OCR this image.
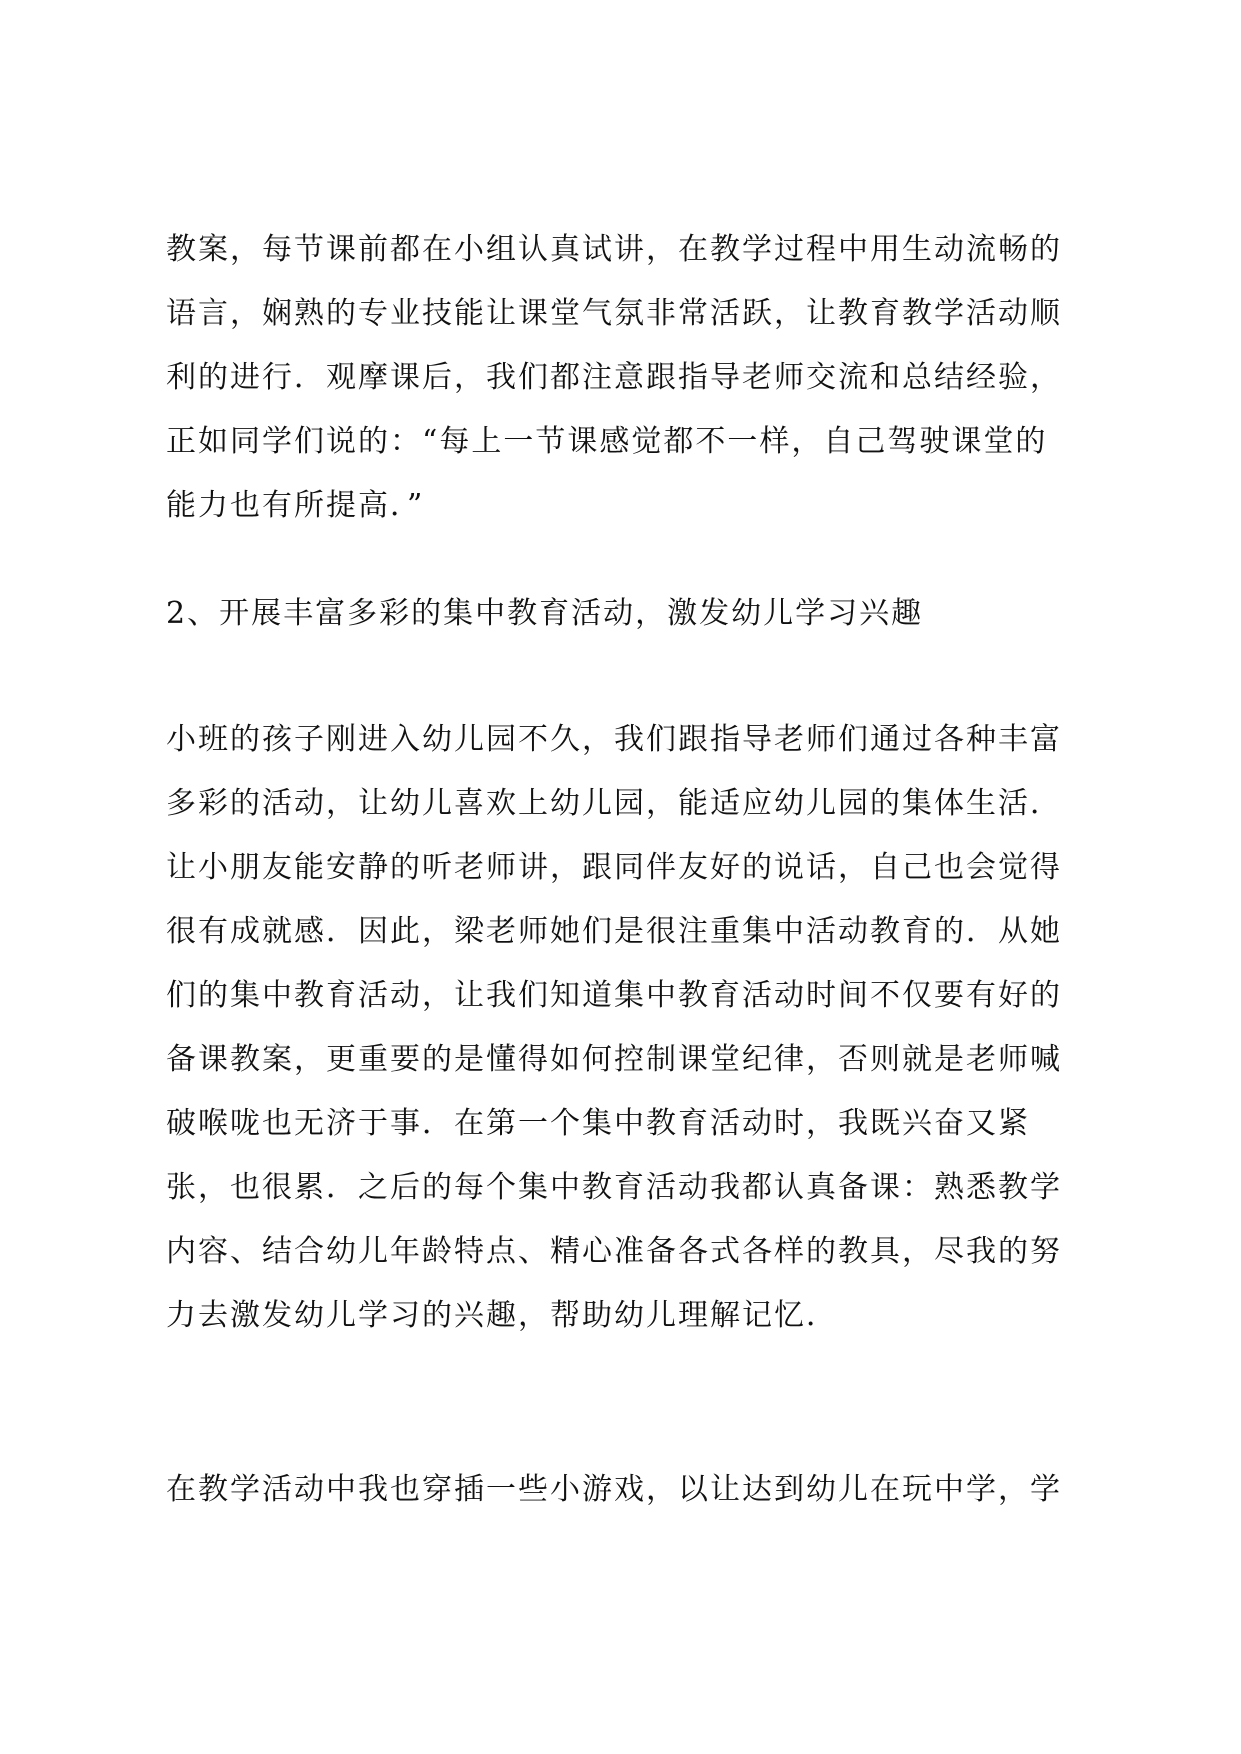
教案，每节课前都在小组认真试讲，在教学过程中用生动流畅的
语言，娴熟的专业技能让课堂气氛非常活跃，让教育教学活动顺
利的进行．观摩课后，我们都注意跟指导老师交流和总结经验，
正如同学们说的：“每上一节课感觉都不一样，自己驾驶课堂的
能力也有所提高．”
2、开展丰富多彩的集中教育活动，激发幼儿学习兴趣
小班的孩子刚进入幼儿园不久，我们跟指导老师们通过各种丰富
多彩的活动，让幼儿喜欢上幼儿园，能适应幼儿园的集体生活．
让小朋友能安静的听老师讲，跟同伴友好的说话，自己也会觉得
很有成就感．因此，梁老师她们是很注重集中活动教育的．从她
们的集中教育活动，让我们知道集中教育活动时间不仅要有好的
备课教案，更重要的是懂得如何控制课堂纪律，否则就是老师喊
破喉咙也无济于事．在第一个集中教育活动时，我既兴奋又紧
张，也很累．之后的每个集中教育活动我都认真备课：熟悉教学
内容、结合幼儿年龄特点、精心准备各式各样的教具，尽我的努
力去激发幼儿学习的兴趣，帮助幼儿理解记忆．
在教学活动中我也穿插一些小游戏，以让达到幼儿在玩中学，学
